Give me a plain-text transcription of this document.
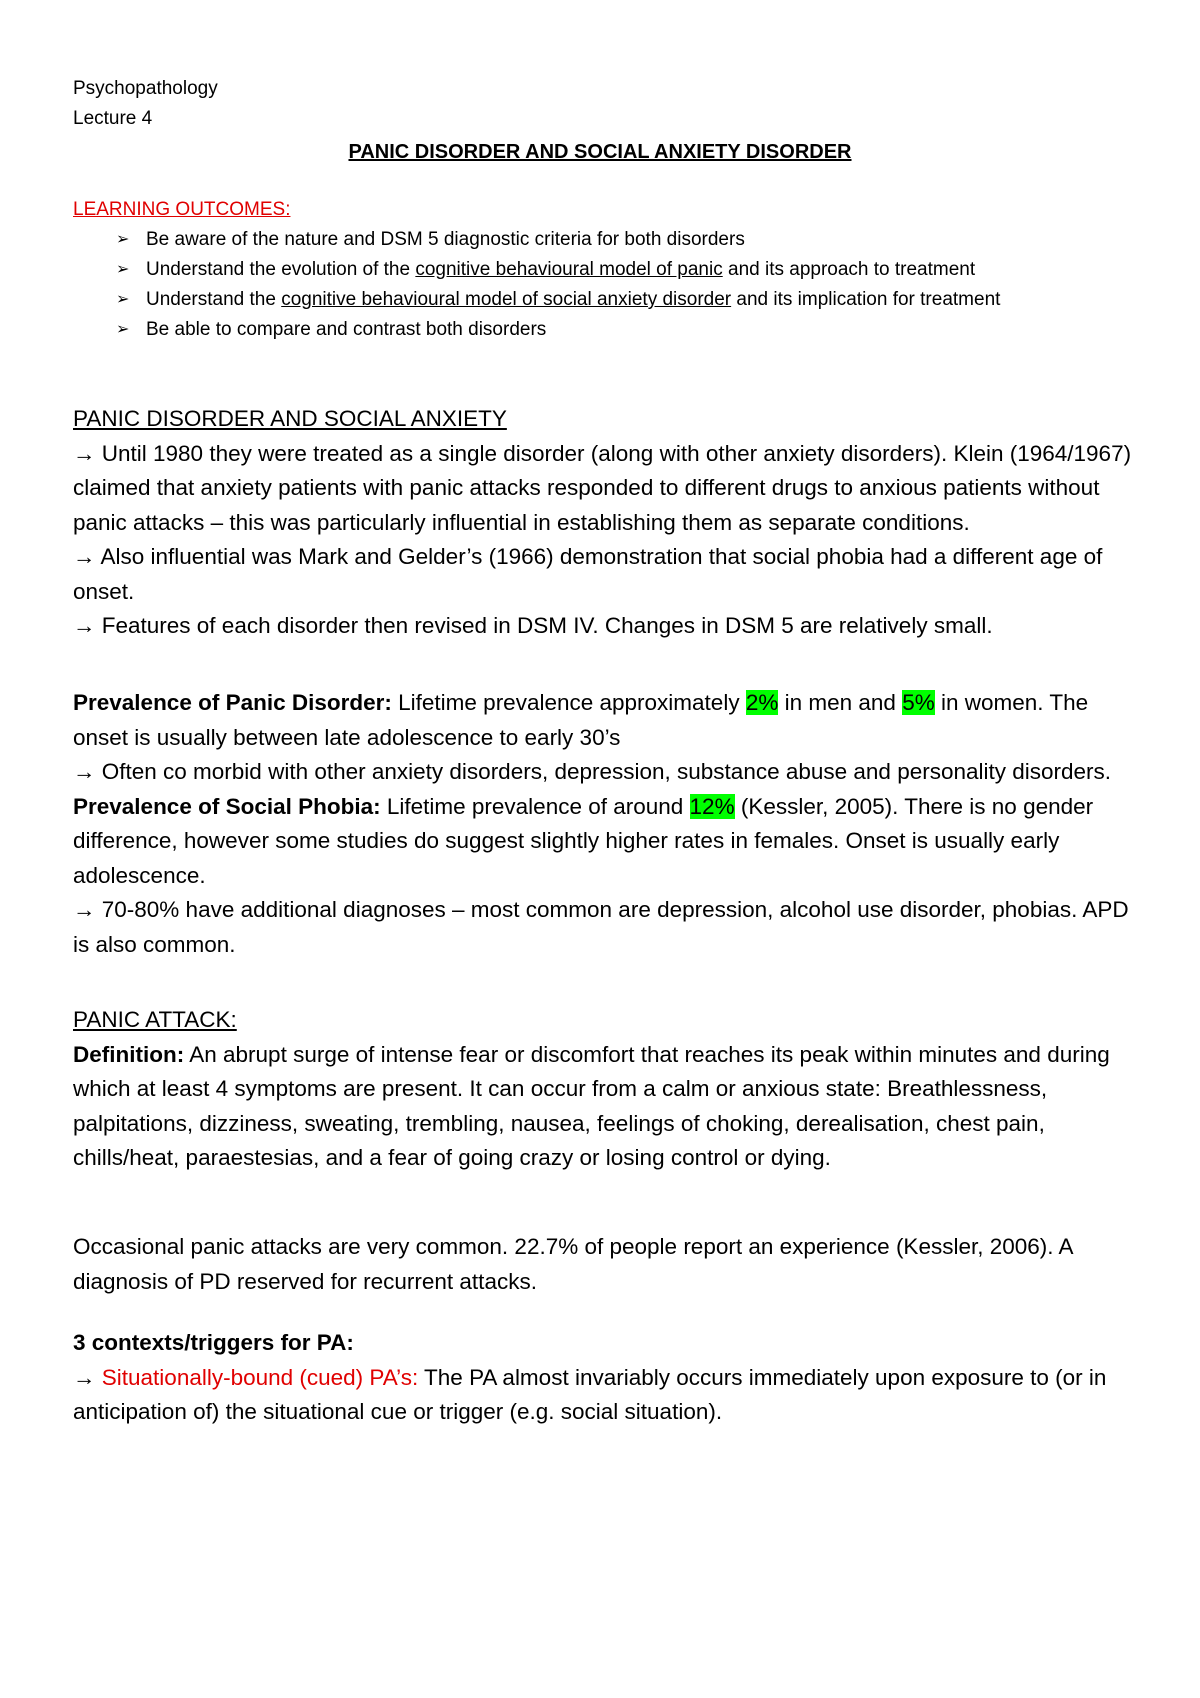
Psychopathology
Lecture 4
PANIC DISORDER AND SOCIAL ANXIETY DISORDER
LEARNING OUTCOMES:
➢ Be aware of the nature and DSM 5 diagnostic criteria for both disorders
➢ Understand the evolution of the cognitive behavioural model of panic and its approach to treatment
➢ Understand the cognitive behavioural model of social anxiety disorder and its implication for treatment
➢ Be able to compare and contrast both disorders
PANIC DISORDER AND SOCIAL ANXIETY

→ Until 1980 they were treated as a single disorder (along with other anxiety disorders). Klein (1964/1967) claimed that anxiety patients with panic attacks responded to different drugs to anxious patients without panic attacks – this was particularly influential in establishing them as separate conditions.

→ Also influential was Mark and Gelder’s (1966) demonstration that social phobia had a different age of onset.

→ Features of each disorder then revised in DSM IV. Changes in DSM 5 are relatively small.

Prevalence of Panic Disorder: Lifetime prevalence approximately 2% in men and 5% in women. The onset is usually between late adolescence to early 30’s

→ Often co morbid with other anxiety disorders, depression, substance abuse and personality disorders.

Prevalence of Social Phobia: Lifetime prevalence of around 12% (Kessler, 2005). There is no gender difference, however some studies do suggest slightly higher rates in females. Onset is usually early adolescence.

→ 70-80% have additional diagnoses – most common are depression, alcohol use disorder, phobias. APD is also common.

PANIC ATTACK:

Definition: An abrupt surge of intense fear or discomfort that reaches its peak within minutes and during which at least 4 symptoms are present. It can occur from a calm or anxious state: Breathlessness, palpitations, dizziness, sweating, trembling, nausea, feelings of choking, derealisation, chest pain, chills/heat, paraestesias, and a fear of going crazy or losing control or dying.

Occasional panic attacks are very common. 22.7% of people report an experience (Kessler, 2006). A diagnosis of PD reserved for recurrent attacks.

3 contexts/triggers for PA:

→ Situationally-bound (cued) PA’s: The PA almost invariably occurs immediately upon exposure to (or in anticipation of) the situational cue or trigger (e.g. social situation).
